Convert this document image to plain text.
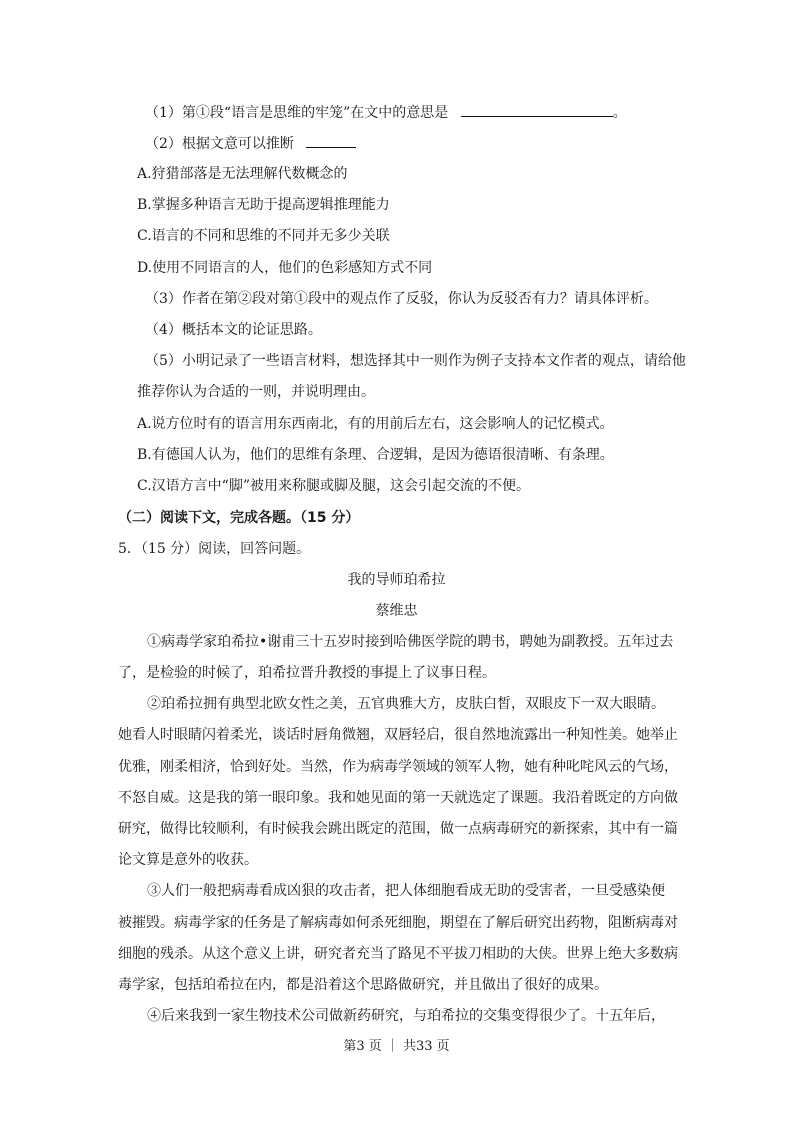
（1）第①段“语言是思维的牢笼”在文中的意思是	。
（2）根据文意可以推断
A.狩猎部落是无法理解代数概念的
B.掌握多种语言无助于提高逻辑推理能力
C.语言的不同和思维的不同并无多少关联
D.使用不同语言的人，他们的色彩感知方式不同
（3）作者在第②段对第①段中的观点作了反驳，你认为反驳否有力？请具体评析。
（4）概括本文的论证思路。
（5）小明记录了一些语言材料，想选择其中一则作为例子支持本文作者的观点，请给他
推荐你认为合适的一则，并说明理由。
A.说方位时有的语言用东西南北，有的用前后左右，这会影响人的记忆模式。
B.有德国人认为，他们的思维有条理、合逻辑，是因为德语很清晰、有条理。
C.汉语方言中“脚”被用来称腿或脚及腿，这会引起交流的不便。
（二）阅读下文，完成各题。（15 分）
5．（15 分）阅读，回答问题。
我的导师珀希拉
蔡维忠
①病毒学家珀希拉•谢甫三十五岁时接到哈佛医学院的聘书，聘她为副教授。五年过去
了，是检验的时候了，珀希拉晋升教授的事提上了议事日程。
②珀希拉拥有典型北欧女性之美，五官典雅大方，皮肤白皙，双眼皮下一双大眼睛。
她看人时眼睛闪着柔光，谈话时唇角微翘，双唇轻启，很自然地流露出一种知性美。她举止
优雅，刚柔相济，恰到好处。当然，作为病毒学领域的领军人物，她有种叱咤风云的气场，
不怒自威。这是我的第一眼印象。我和她见面的第一天就选定了课题。我沿着既定的方向做
研究，做得比较顺利，有时候我会跳出既定的范围，做一点病毒研究的新探索，其中有一篇
论文算是意外的收获。
③人们一般把病毒看成凶狠的攻击者，把人体细胞看成无助的受害者，一旦受感染便
被摧毁。病毒学家的任务是了解病毒如何杀死细胞，期望在了解后研究出药物，阻断病毒对
细胞的残杀。从这个意义上讲，研究者充当了路见不平拔刀相助的大侠。世界上绝大多数病
毒学家，包括珀希拉在内，都是沿着这个思路做研究，并且做出了很好的成果。
④后来我到一家生物技术公司做新药研究，与珀希拉的交集变得很少了。十五年后，
第3 页 ｜ 共33 页
